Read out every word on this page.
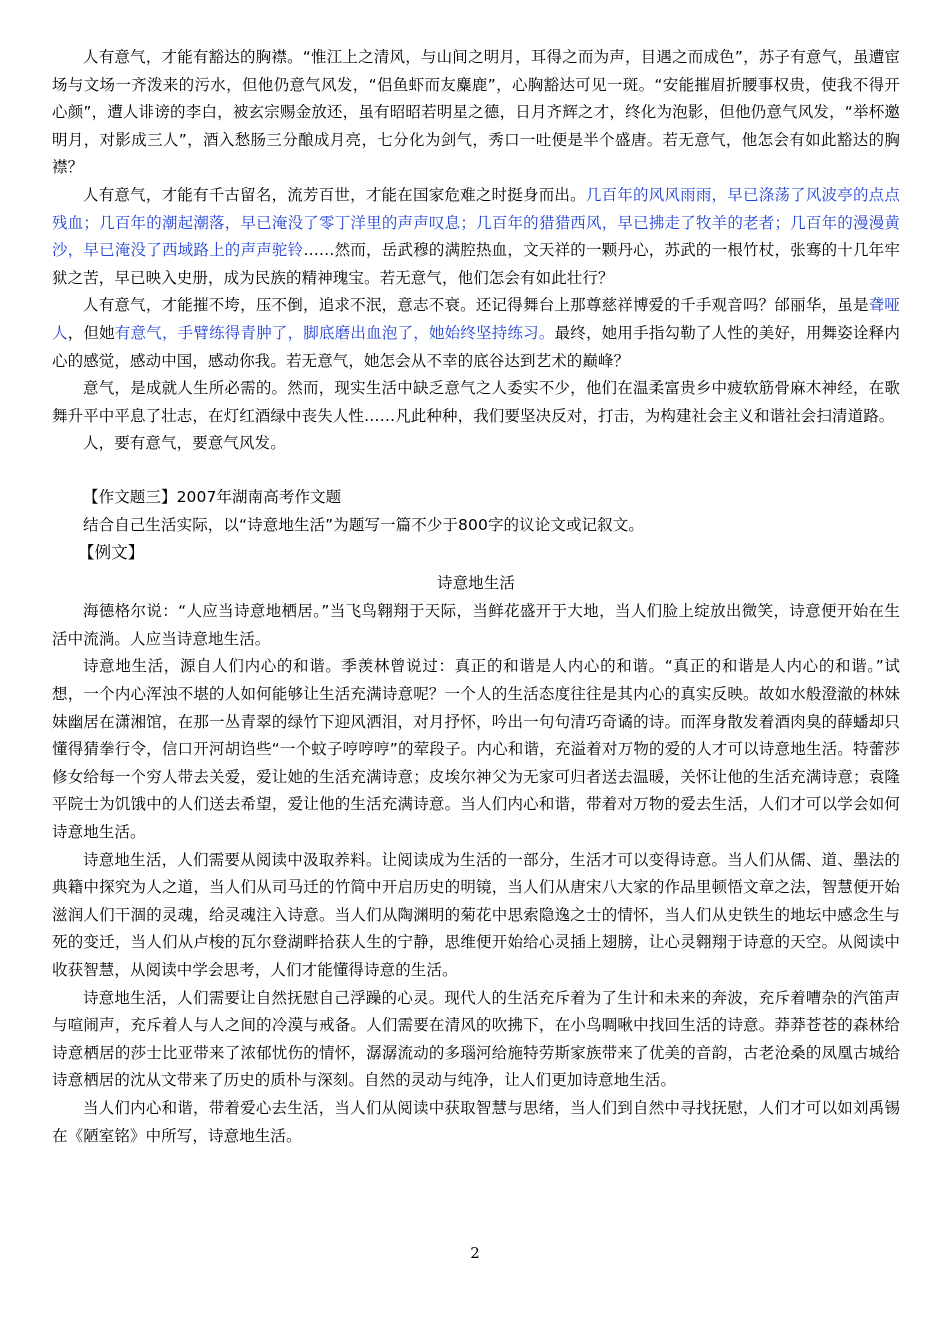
人有意气，才能有豁达的胸襟。“惟江上之清风，与山间之明月，耳得之而为声，目遇之而成色”，苏子有意气，虽遭宦场与文场一齐泼来的污水，但他仍意气风发，“侣鱼虾而友麋鹿”，心胸豁达可见一斑。“安能摧眉折腰事权贵，使我不得开心颜”，遭人诽谤的李白，被玄宗赐金放还，虽有昭昭若明星之德，日月齐辉之才，终化为泡影，但他仍意气风发，“举杯邀明月，对影成三人”，酒入愁肠三分酿成月亮，七分化为剑气，秀口一吐便是半个盛唐。若无意气，他怎会有如此豁达的胸襟？

人有意气，才能有千古留名，流芳百世，才能在国家危难之时挺身而出。几百年的风风雨雨，早已涤荡了风波亭的点点残血；几百年的潮起潮落，早已淹没了零丁洋里的声声叹息；几百年的猎猎西风，早已拂走了牧羊的老者；几百年的漫漫黄沙，早已淹没了西域路上的声声驼铃……然而，岳武穆的满腔热血，文天祥的一颗丹心，苏武的一根竹杖，张骞的十几年牢狱之苦，早已映入史册，成为民族的精神瑰宝。若无意气，他们怎会有如此壮行？

人有意气，才能摧不垮，压不倒，追求不泯，意志不衰。还记得舞台上那尊慈祥博爱的千手观音吗？邰丽华，虽是聋哑人，但她有意气，手臂练得青肿了，脚底磨出血泡了，她始终坚持练习。最终，她用手指勾勒了人性的美好，用舞姿诠释内心的感觉，感动中国，感动你我。若无意气，她怎会从不幸的底谷达到艺术的巅峰？

意气，是成就人生所必需的。然而，现实生活中缺乏意气之人委实不少，他们在温柔富贵乡中疲软筋骨麻木神经，在歌舞升平中平息了壮志，在灯红酒绿中丧失人性……凡此种种，我们要坚决反对，打击，为构建社会主义和谐社会扫清道路。

人，要有意气，要意气风发。

【作文题三】2007年湖南高考作文题

结合自己生活实际，以“诗意地生活”为题写一篇不少于800字的议论文或记叙文。

【例文】

诗意地生活

海德格尔说：“人应当诗意地栖居。”当飞鸟翱翔于天际，当鲜花盛开于大地，当人们脸上绽放出微笑，诗意便开始在生活中流淌。人应当诗意地生活。

诗意地生活，源自人们内心的和谐。季羡林曾说过：真正的和谐是人内心的和谐。“真正的和谐是人内心的和谐。”试想，一个内心浑浊不堪的人如何能够让生活充满诗意呢？一个人的生活态度往往是其内心的真实反映。故如水般澄澈的林妹妹幽居在潇湘馆，在那一丛青翠的绿竹下迎风洒泪，对月抒怀，吟出一句句清巧奇谲的诗。而浑身散发着酒肉臭的薛蟠却只懂得猜拳行令，信口开河胡诌些“一个蚊子哼哼哼”的荤段子。内心和谐，充溢着对万物的爱的人才可以诗意地生活。特蕾莎修女给每一个穷人带去关爱，爱让她的生活充满诗意；皮埃尔神父为无家可归者送去温暖，关怀让他的生活充满诗意；袁隆平院士为饥饿中的人们送去希望，爱让他的生活充满诗意。当人们内心和谐，带着对万物的爱去生活，人们才可以学会如何诗意地生活。

诗意地生活，人们需要从阅读中汲取养料。让阅读成为生活的一部分，生活才可以变得诗意。当人们从儒、道、墨法的典籍中探究为人之道，当人们从司马迁的竹简中开启历史的明镜，当人们从唐宋八大家的作品里顿悟文章之法，智慧便开始滋润人们干涸的灵魂，给灵魂注入诗意。当人们从陶渊明的菊花中思索隐逸之士的情怀，当人们从史铁生的地坛中感念生与死的变迁，当人们从卢梭的瓦尔登湖畔拾获人生的宁静，思维便开始给心灵插上翅膀，让心灵翱翔于诗意的天空。从阅读中收获智慧，从阅读中学会思考，人们才能懂得诗意的生活。

诗意地生活，人们需要让自然抚慰自己浮躁的心灵。现代人的生活充斥着为了生计和未来的奔波，充斥着嘈杂的汽笛声与喧闹声，充斥着人与人之间的冷漠与戒备。人们需要在清风的吹拂下，在小鸟啁啾中找回生活的诗意。莽莽苍苍的森林给诗意栖居的莎士比亚带来了浓郁忧伤的情怀，潺潺流动的多瑙河给施特劳斯家族带来了优美的音韵，古老沧桑的凤凰古城给诗意栖居的沈从文带来了历史的质朴与深刻。自然的灵动与纯净，让人们更加诗意地生活。

当人们内心和谐，带着爱心去生活，当人们从阅读中获取智慧与思绪，当人们到自然中寻找抚慰，人们才可以如刘禹锡在《陋室铭》中所写，诗意地生活。

2
